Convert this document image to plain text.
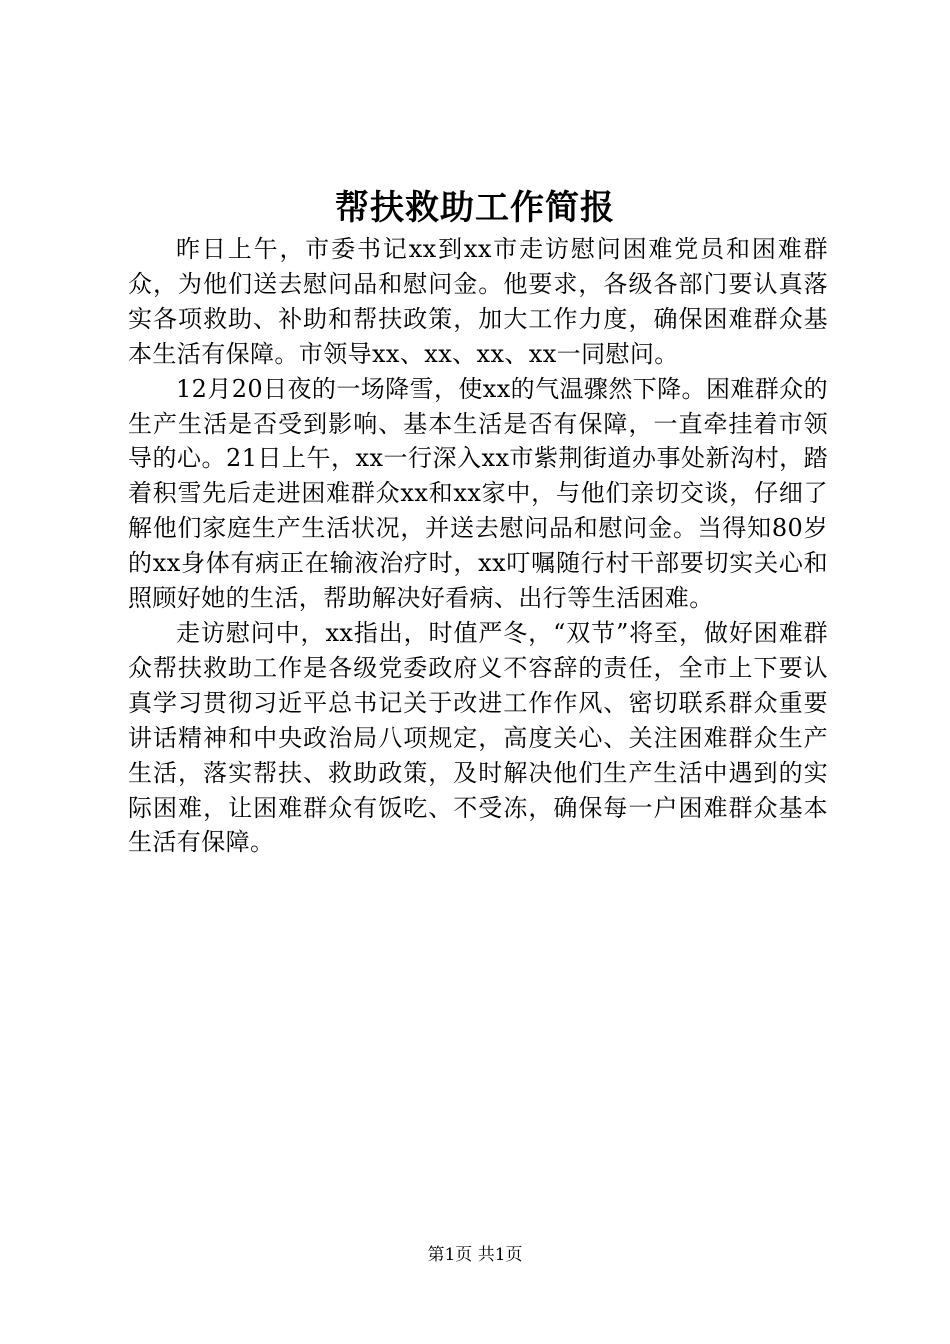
帮扶救助工作简报

昨日上午，市委书记xx到xx市走访慰问困难党员和困难群众，为他们送去慰问品和慰问金。他要求，各级各部门要认真落实各项救助、补助和帮扶政策，加大工作力度，确保困难群众基本生活有保障。市领导xx、xx、xx、xx一同慰问。

12月20日夜的一场降雪，使xx的气温骤然下降。困难群众的生产生活是否受到影响、基本生活是否有保障，一直牵挂着市领导的心。21日上午，xx一行深入xx市紫荆街道办事处新沟村，踏着积雪先后走进困难群众xx和xx家中，与他们亲切交谈，仔细了解他们家庭生产生活状况，并送去慰问品和慰问金。当得知80岁的xx身体有病正在输液治疗时，xx叮嘱随行村干部要切实关心和照顾好她的生活，帮助解决好看病、出行等生活困难。

走访慰问中，xx指出，时值严冬，“双节”将至，做好困难群众帮扶救助工作是各级党委政府义不容辞的责任，全市上下要认真学习贯彻习近平总书记关于改进工作作风、密切联系群众重要讲话精神和中央政治局八项规定，高度关心、关注困难群众生产生活，落实帮扶、救助政策，及时解决他们生产生活中遇到的实际困难，让困难群众有饭吃、不受冻，确保每一户困难群众基本生活有保障。

第1页 共1页
